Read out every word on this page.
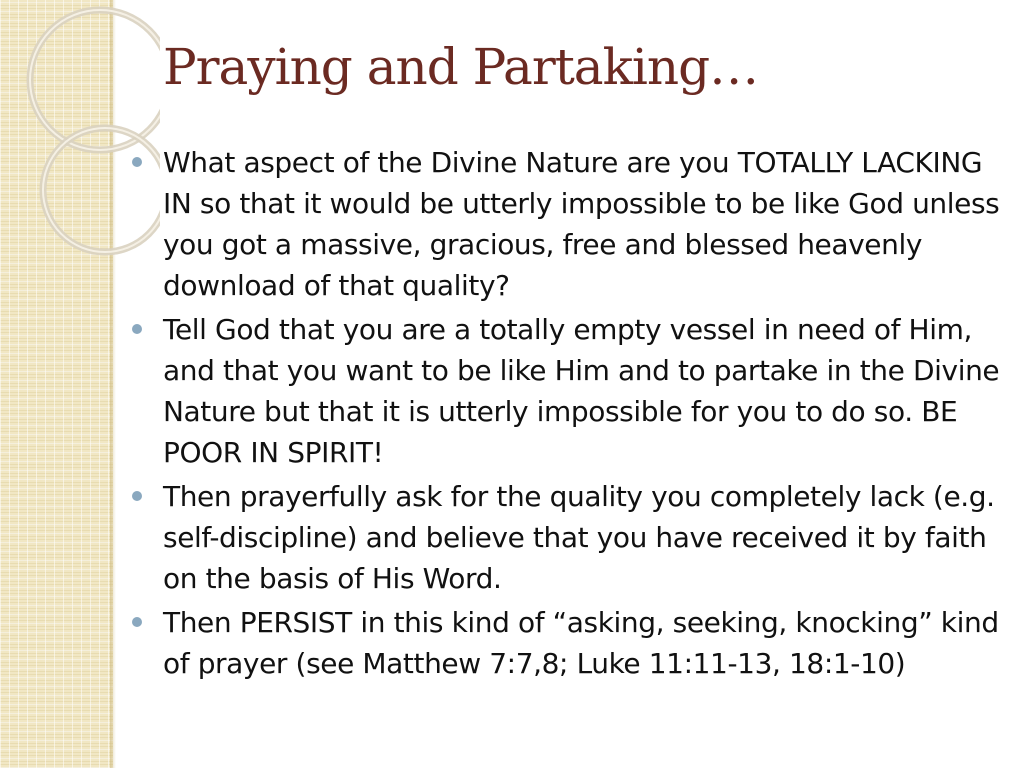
Praying and Partaking…
What aspect of the Divine Nature are you TOTALLY LACKING IN so that it would be utterly impossible to be like God unless you got a massive, gracious, free and blessed heavenly download of that quality?
Tell God that you are a totally empty vessel in need of Him, and that you want to be like Him and to partake in the Divine Nature but that it is utterly impossible for you to do so. BE POOR IN SPIRIT!
Then prayerfully ask for the quality you completely lack (e.g. self-discipline) and believe that you have received it by faith on the basis of His Word.
Then PERSIST in this kind of “asking, seeking, knocking” kind of prayer (see Matthew 7:7,8; Luke 11:11-13, 18:1-10)
